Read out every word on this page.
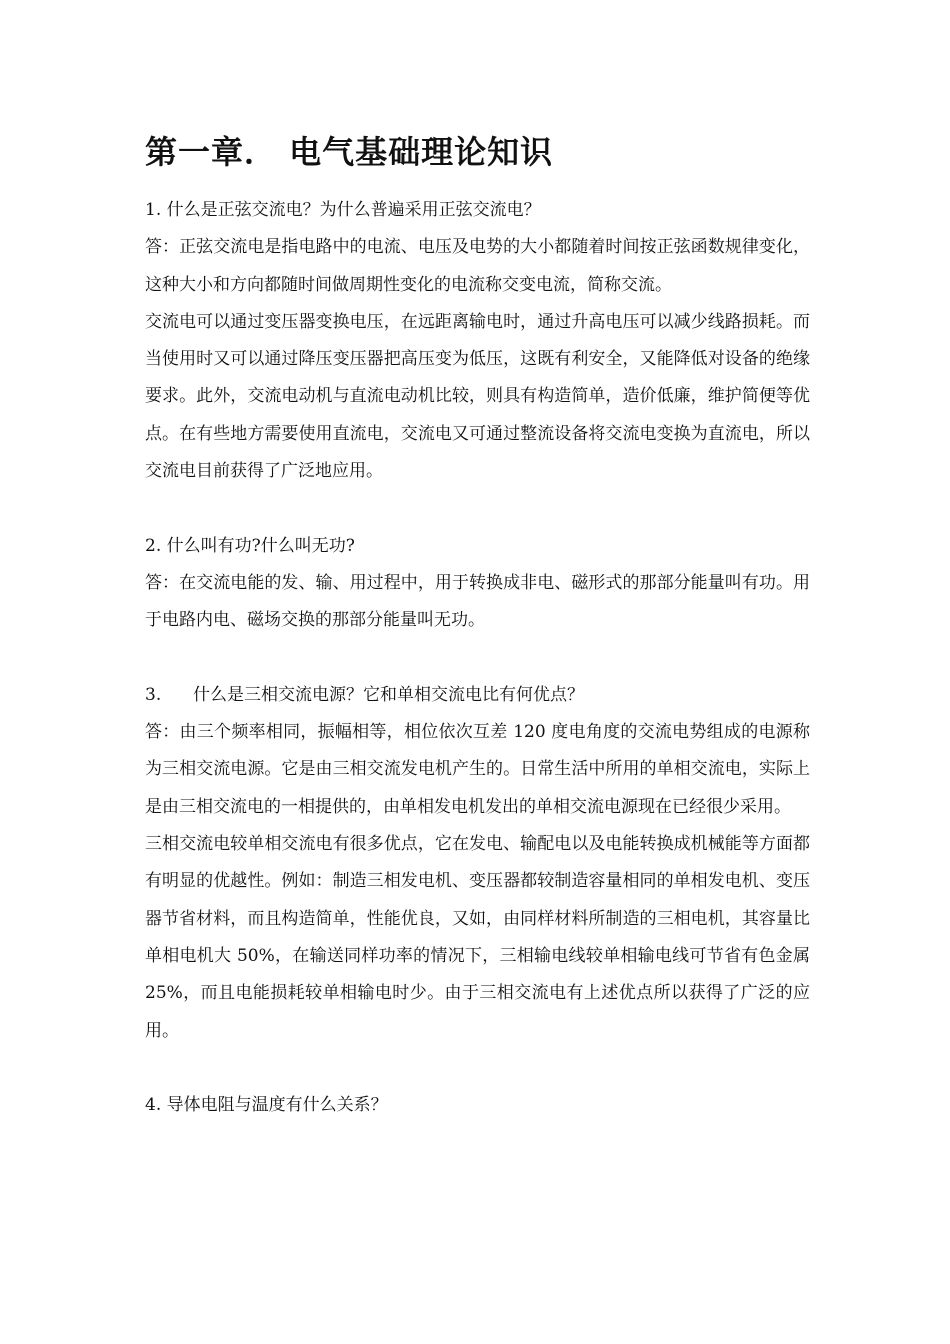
第一章． 电气基础理论知识

1. 什么是正弦交流电？为什么普遍采用正弦交流电？

答：正弦交流电是指电路中的电流、电压及电势的大小都随着时间按正弦函数规律变化，这种大小和方向都随时间做周期性变化的电流称交变电流，简称交流。

交流电可以通过变压器变换电压，在远距离输电时，通过升高电压可以减少线路损耗。而当使用时又可以通过降压变压器把高压变为低压，这既有利安全，又能降低对设备的绝缘要求。此外，交流电动机与直流电动机比较，则具有构造简单，造价低廉，维护简便等优点。在有些地方需要使用直流电，交流电又可通过整流设备将交流电变换为直流电，所以交流电目前获得了广泛地应用。

2. 什么叫有功?什么叫无功?

答：在交流电能的发、输、用过程中，用于转换成非电、磁形式的那部分能量叫有功。用于电路内电、磁场交换的那部分能量叫无功。

3. 什么是三相交流电源？它和单相交流电比有何优点？

答：由三个频率相同，振幅相等，相位依次互差 120 度电角度的交流电势组成的电源称为三相交流电源。它是由三相交流发电机产生的。日常生活中所用的单相交流电，实际上是由三相交流电的一相提供的，由单相发电机发出的单相交流电源现在已经很少采用。

三相交流电较单相交流电有很多优点，它在发电、输配电以及电能转换成机械能等方面都有明显的优越性。例如：制造三相发电机、变压器都较制造容量相同的单相发电机、变压器节省材料，而且构造简单，性能优良，又如，由同样材料所制造的三相电机，其容量比单相电机大 50%，在输送同样功率的情况下，三相输电线较单相输电线可节省有色金属 25%，而且电能损耗较单相输电时少。由于三相交流电有上述优点所以获得了广泛的应用。

4. 导体电阻与温度有什么关系？
